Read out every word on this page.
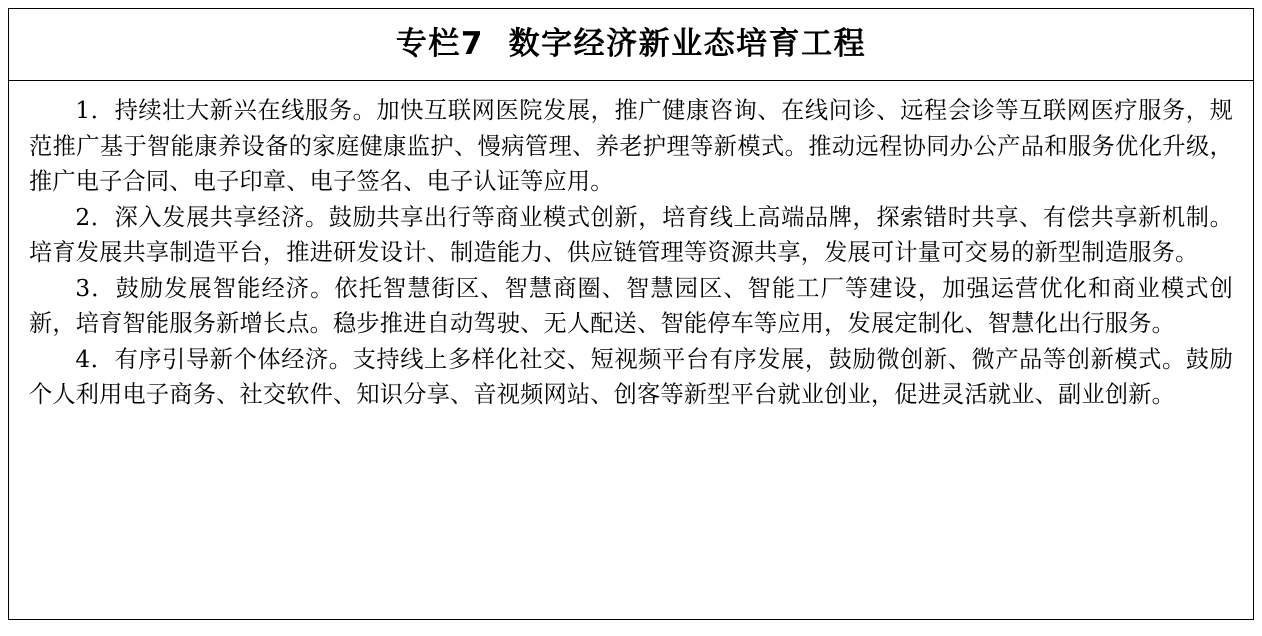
专栏7  数字经济新业态培育工程

1．持续壮大新兴在线服务。加快互联网医院发展，推广健康咨询、在线问诊、远程会诊等互联网医疗服务，规范推广基于智能康养设备的家庭健康监护、慢病管理、养老护理等新模式。推动远程协同办公产品和服务优化升级，推广电子合同、电子印章、电子签名、电子认证等应用。

2．深入发展共享经济。鼓励共享出行等商业模式创新，培育线上高端品牌，探索错时共享、有偿共享新机制。培育发展共享制造平台，推进研发设计、制造能力、供应链管理等资源共享，发展可计量可交易的新型制造服务。

3．鼓励发展智能经济。依托智慧街区、智慧商圈、智慧园区、智能工厂等建设，加强运营优化和商业模式创新，培育智能服务新增长点。稳步推进自动驾驶、无人配送、智能停车等应用，发展定制化、智慧化出行服务。

4．有序引导新个体经济。支持线上多样化社交、短视频平台有序发展，鼓励微创新、微产品等创新模式。鼓励个人利用电子商务、社交软件、知识分享、音视频网站、创客等新型平台就业创业，促进灵活就业、副业创新。
